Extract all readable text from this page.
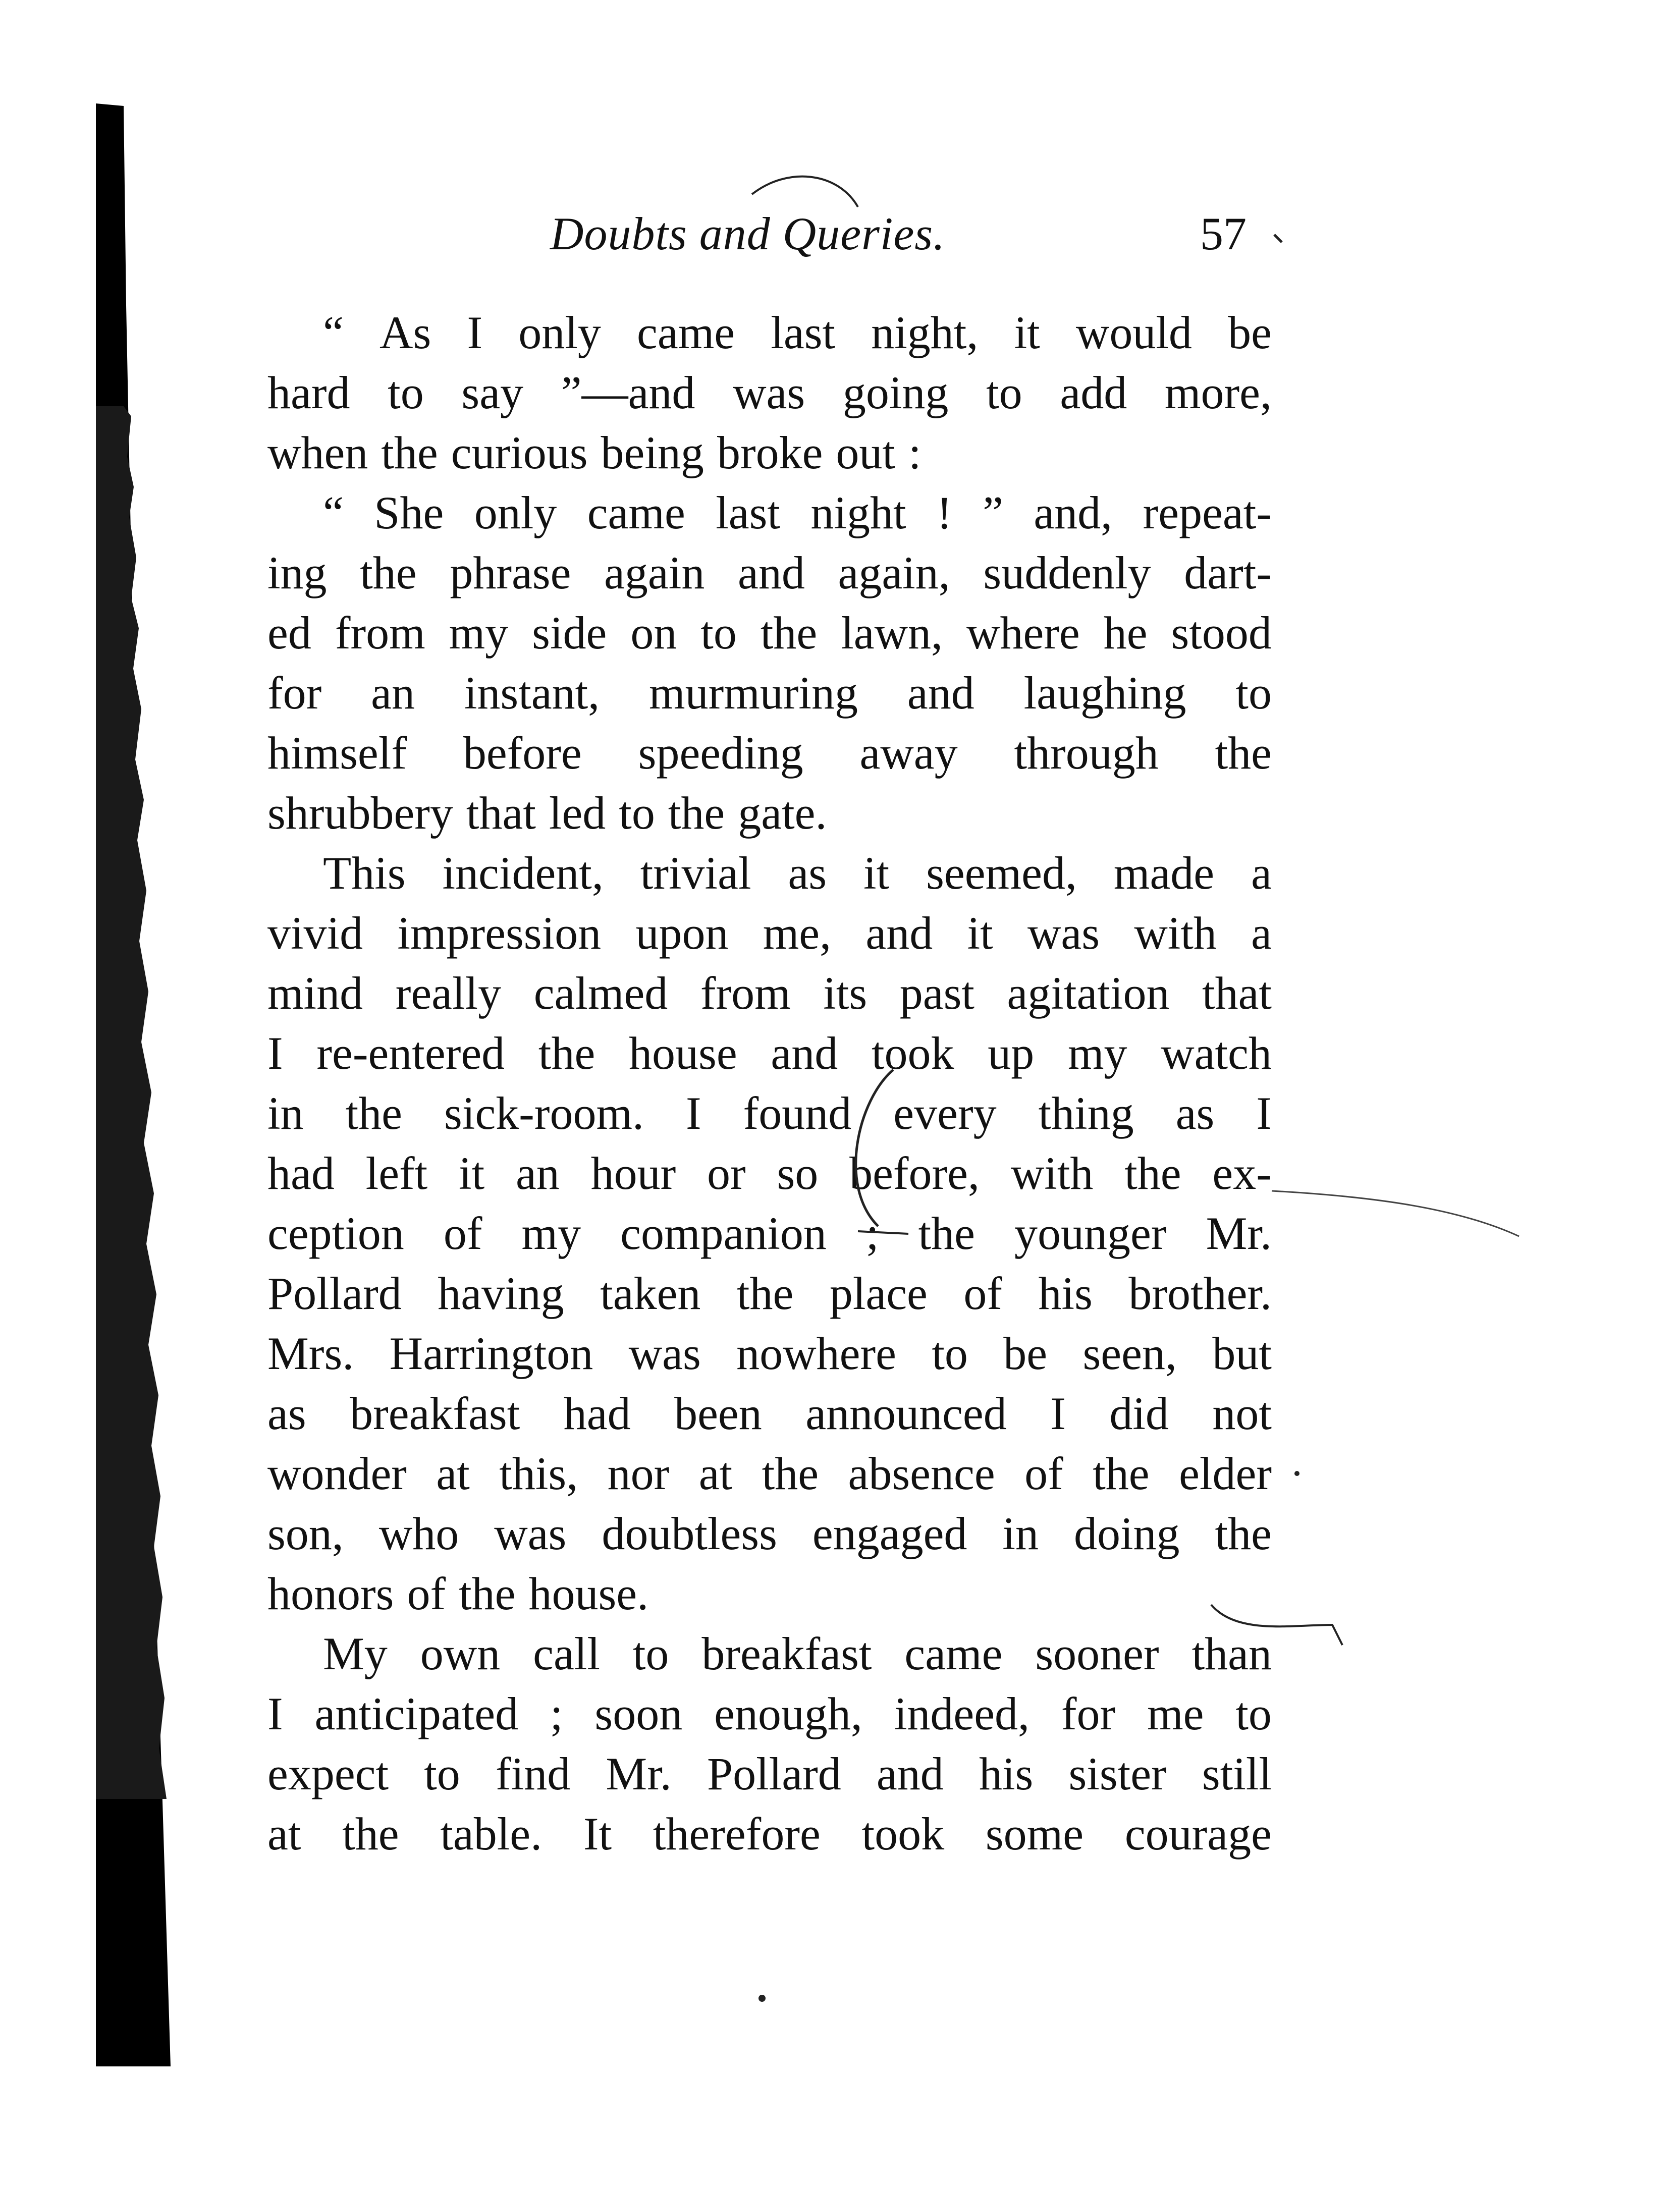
Doubts and Queries.	57
“ As I only came last night, it would be
hard to say ”—and was going to add more,
when the curious being broke out :
“ She only came last night ! ” and, repeat-
ing the phrase again and again, suddenly dart-
ed from my side on to the lawn, where he stood
for an instant, murmuring and laughing to
himself before speeding away through the
shrubbery that led to the gate.
This incident, trivial as it seemed, made a
vivid impression upon me, and it was with a
mind really calmed from its past agitation that
I re-entered the house and took up my watch
in the sick-room. I found every thing as I
had left it an hour or so before, with the ex-
ception of my companion ; the younger Mr.
Pollard having taken the place of his brother.
Mrs. Harrington was nowhere to be seen, but
as breakfast had been announced I did not
wonder at this, nor at the absence of the elder
son, who was doubtless engaged in doing the
honors of the house.
My own call to breakfast came sooner than
I anticipated ; soon enough, indeed, for me to
expect to find Mr. Pollard and his sister still
at the table. It therefore took some courage
